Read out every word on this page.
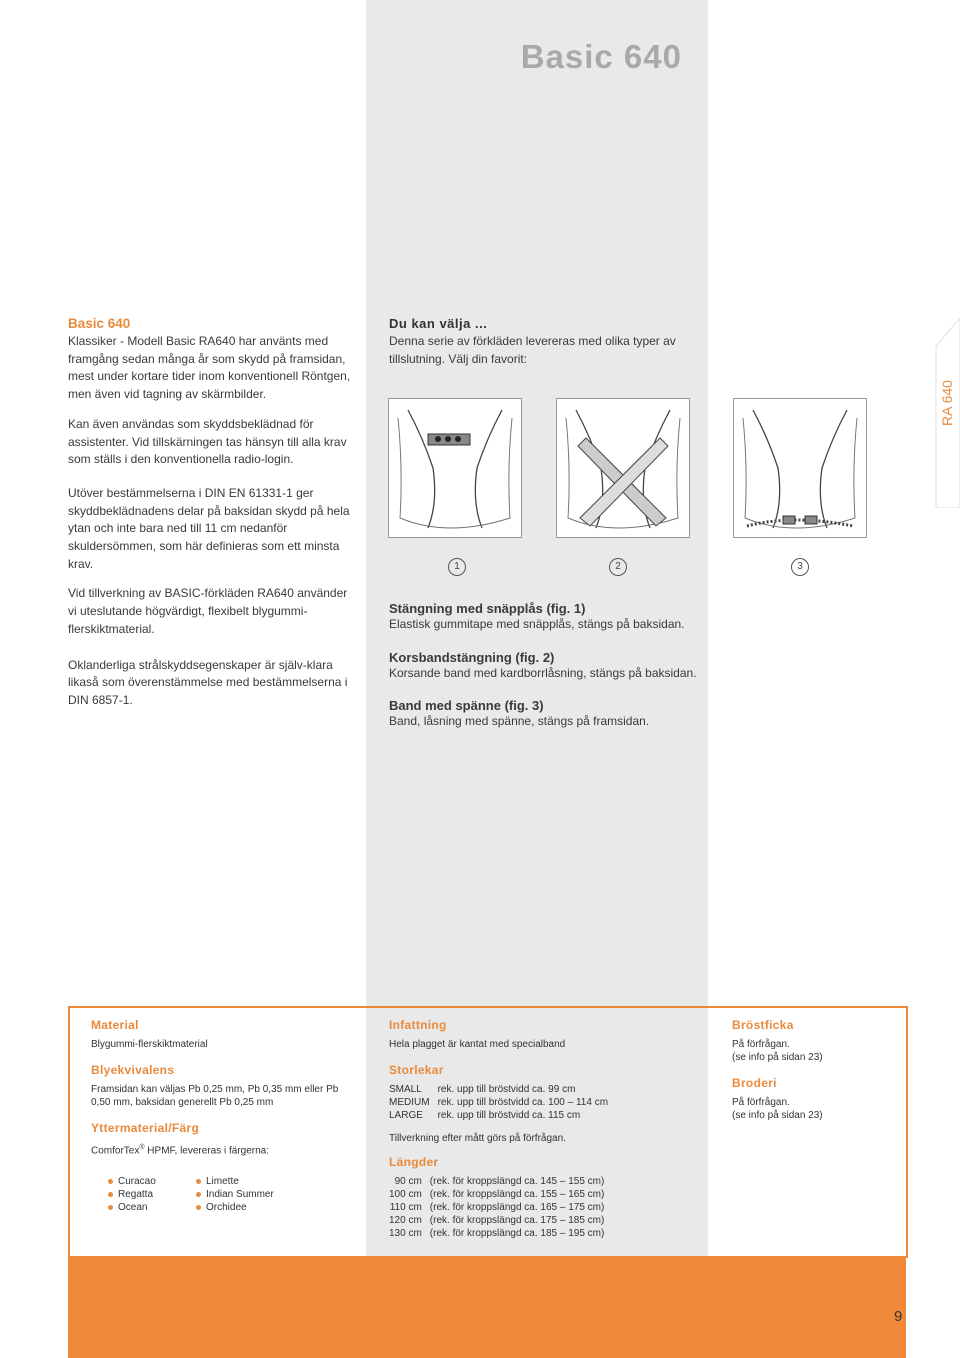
Basic 640
RA 640
Basic 640

Klassiker - Modell Basic RA640 har använts med framgång sedan många år som skydd på framsidan, mest under kortare tider inom konventionell Röntgen, men även vid tagning av skärmbilder.

Kan även användas som skyddsbeklädnad för assistenter. Vid tillskärningen tas hänsyn till alla krav som ställs i den konventionella radio-login.

Utöver bestämmelserna i DIN EN 61331-1 ger skyddbeklädnadens delar på baksidan skydd på hela ytan och inte bara ned till 11 cm nedanför skuldersömmen, som här definieras som ett minsta krav.

Vid tillverkning av BASIC-förkläden RA640 använder vi uteslutande högvärdigt, flexibelt blygummi-flerskiktmaterial.

Oklanderliga strålskyddsegenskaper är själv-klara likaså som överenstämmelse med bestämmelserna i DIN 6857-1.

Du kan välja ...
Denna serie av förkläden levereras med olika typer av tillslutning. Välj din favorit:
1	2	3

Stängning med snäpplås (fig. 1)

Elastisk gummitape med snäpplås, stängs på baksidan.

Korsbandstängning (fig. 2)

Korsande band med kardborrlåsning, stängs på baksidan.

Band med spänne (fig. 3)

Band, låsning med spänne, stängs på framsidan.
Material
Blygummi-flerskiktmaterial
Blyekvivalens
Framsidan kan väljas Pb 0,25 mm, Pb 0,35 mm eller Pb 0,50 mm, baksidan generellt Pb 0,25 mm
Yttermaterial/Färg
ComforTex® HPMF, levereras i färgerna:
Curacao
Regatta
Ocean
Limette
Indian Summer
Orchidee
Infattning
Hela plagget är kantat med specialband
Storlekar
SMALL	rek. upp till bröstvidd ca. 99 cm
MEDIUM	rek. upp till bröstvidd ca. 100 – 114 cm
LARGE	rek. upp till bröstvidd ca. 115 cm
Tillverkning efter mått görs på förfrågan.
Längder
90 cm	(rek. för kroppslängd ca. 145 – 155 cm)
100 cm	(rek. för kroppslängd ca. 155 – 165 cm)
110 cm	(rek. för kroppslängd ca. 165 – 175 cm)
120 cm	(rek. för kroppslängd ca. 175 – 185 cm)
130 cm	(rek. för kroppslängd ca. 185 – 195 cm)
Bröstficka
På förfrågan.
(se info på sidan 23)
Broderi
På förfrågan.
(se info på sidan 23)
9
